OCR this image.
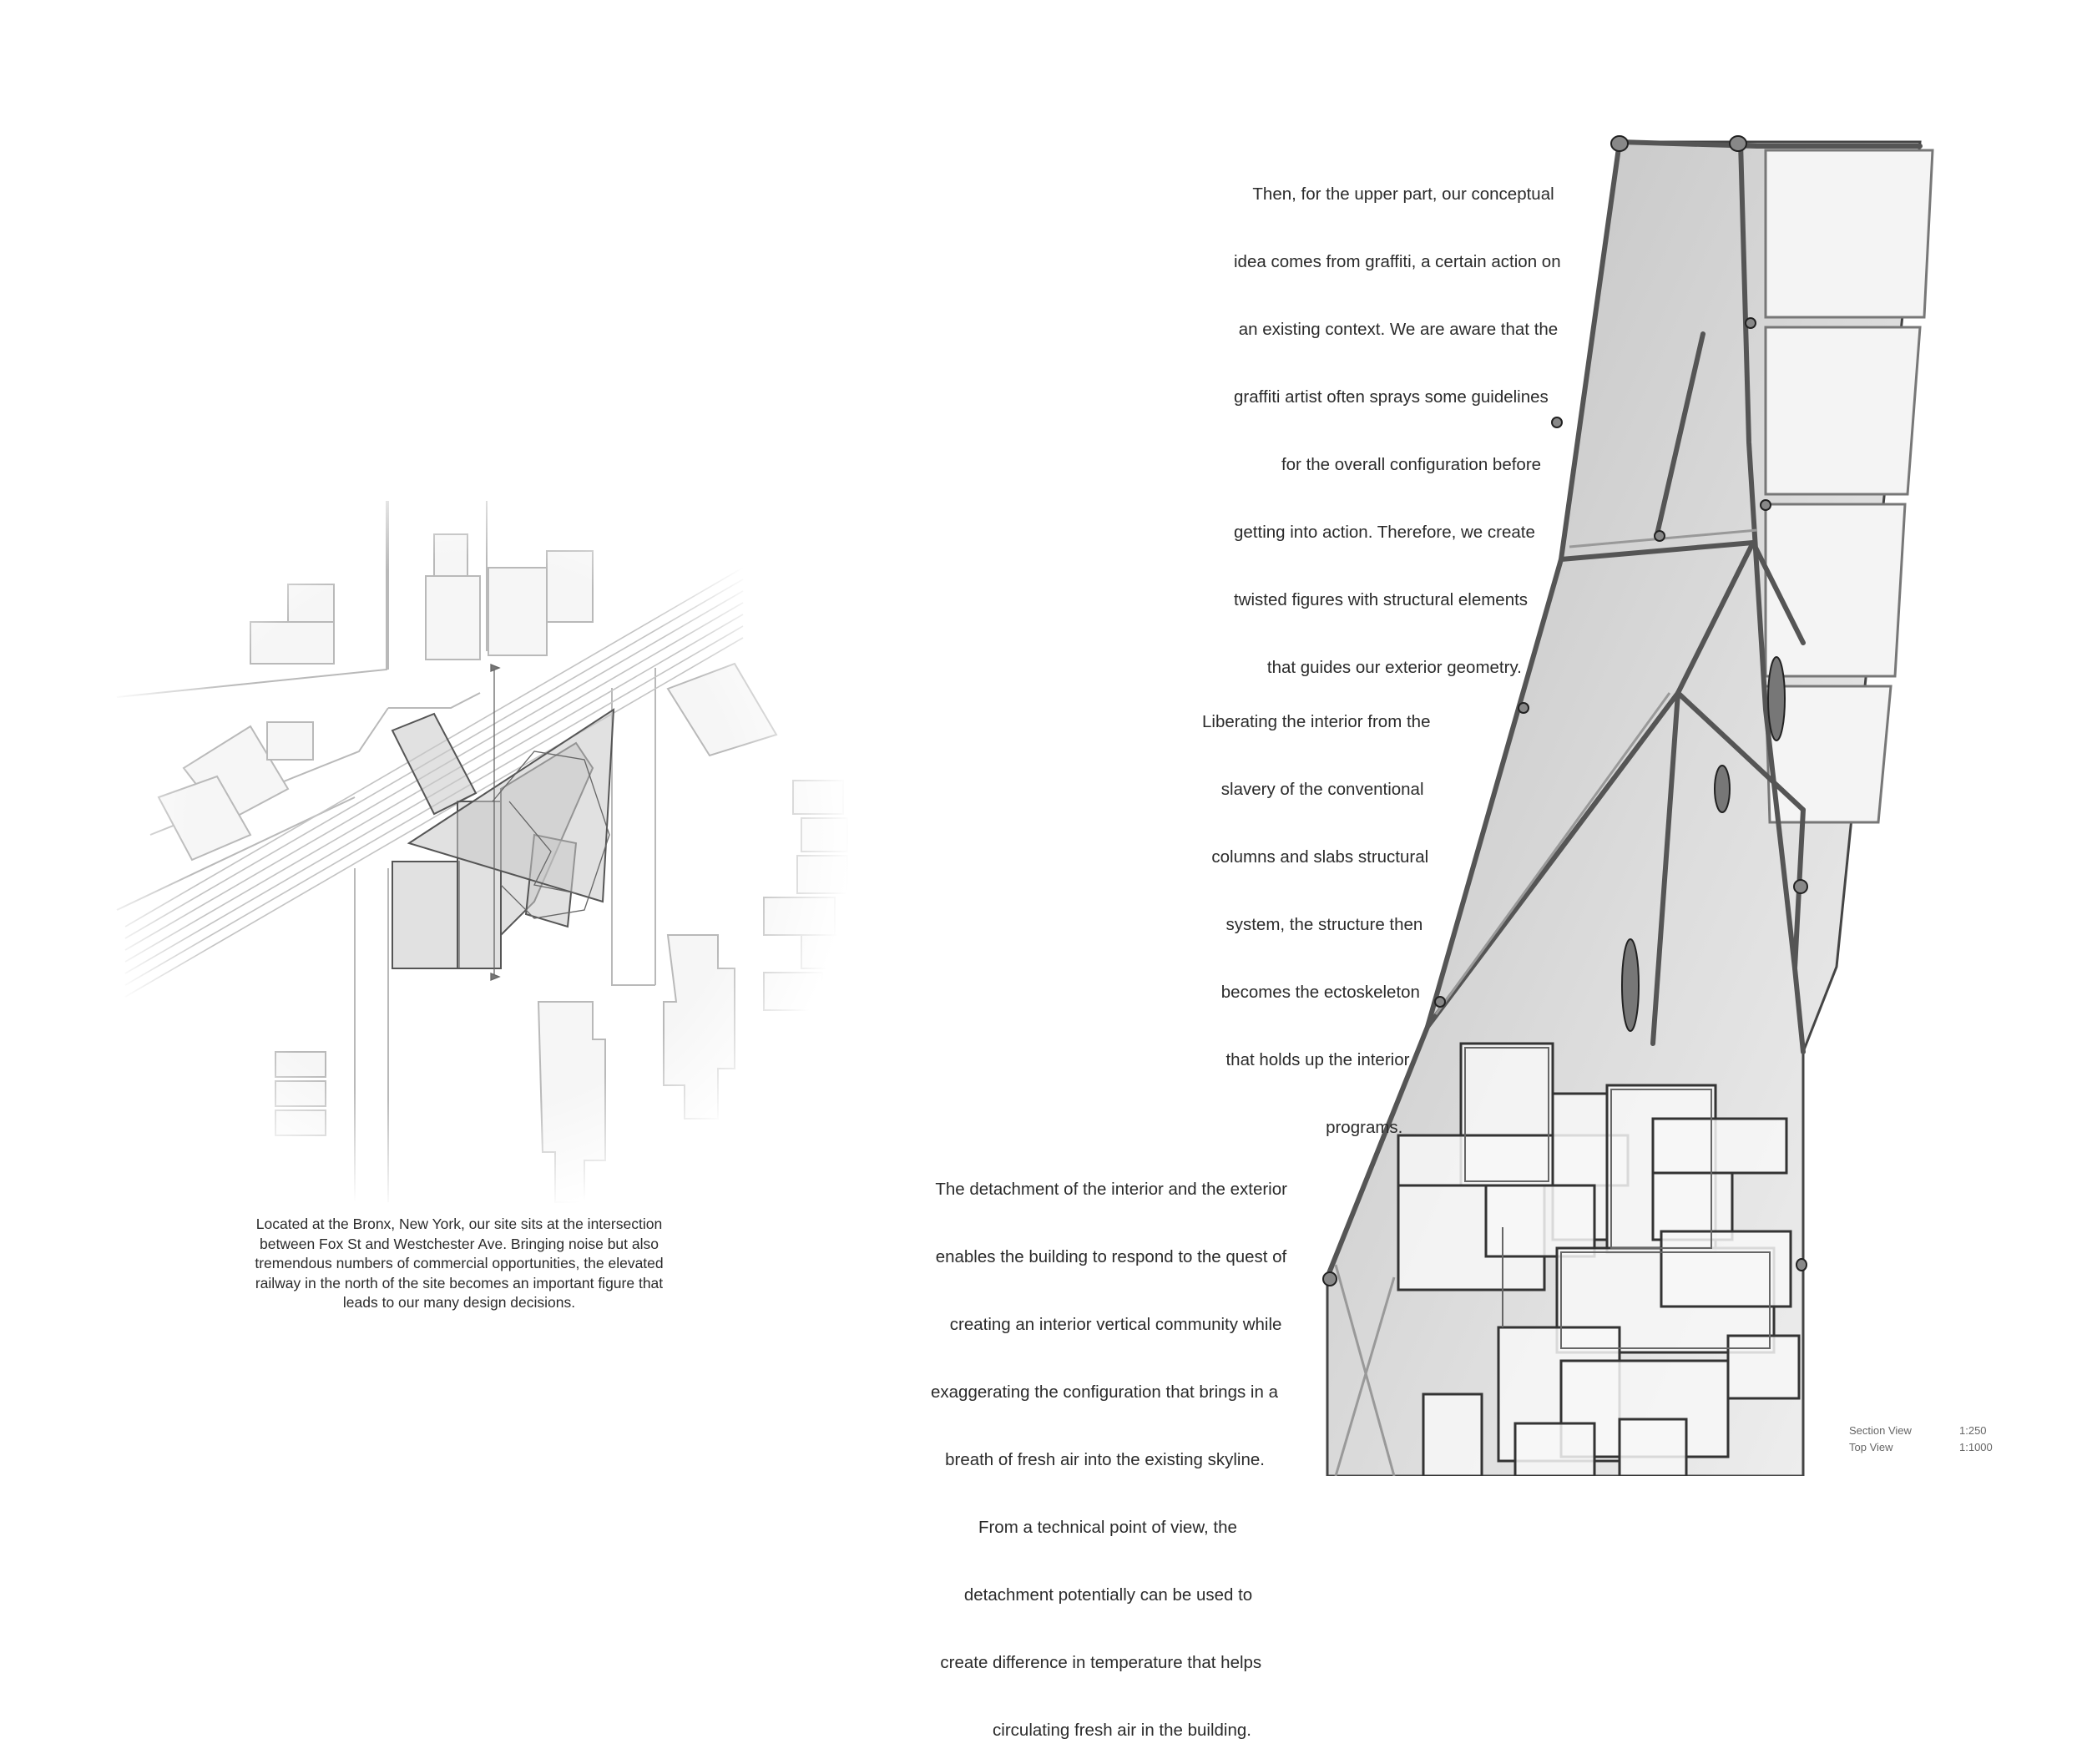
Then, for the upper part, our conceptual

idea comes from graffiti, a certain action on

an existing context. We are aware that the

graffiti artist often sprays some guidelines

for the overall configuration before

getting into action. Therefore, we create

twisted figures with structural elements

that guides our exterior geometry.

Liberating the interior from the

slavery of the conventional

columns and slabs structural

system, the structure then

becomes the ectoskeleton

that holds up the interior

programs.

The detachment of the interior and the exterior

enables the building to respond to the quest of

creating an interior vertical community while

exaggerating the configuration that brings in a

breath of fresh air into the existing skyline.

From a technical point of view, the

detachment potentially can be used to

create difference in temperature that helps

circulating fresh air in the building.

Located at the Bronx, New York, our site sits at the intersection
between Fox St and Westchester Ave. Bringing noise but also
tremendous numbers of commercial opportunities, the elevated
railway in the north of the site becomes an important figure that
leads to our many design decisions.
Section View	1:250
Top View	1:1000
